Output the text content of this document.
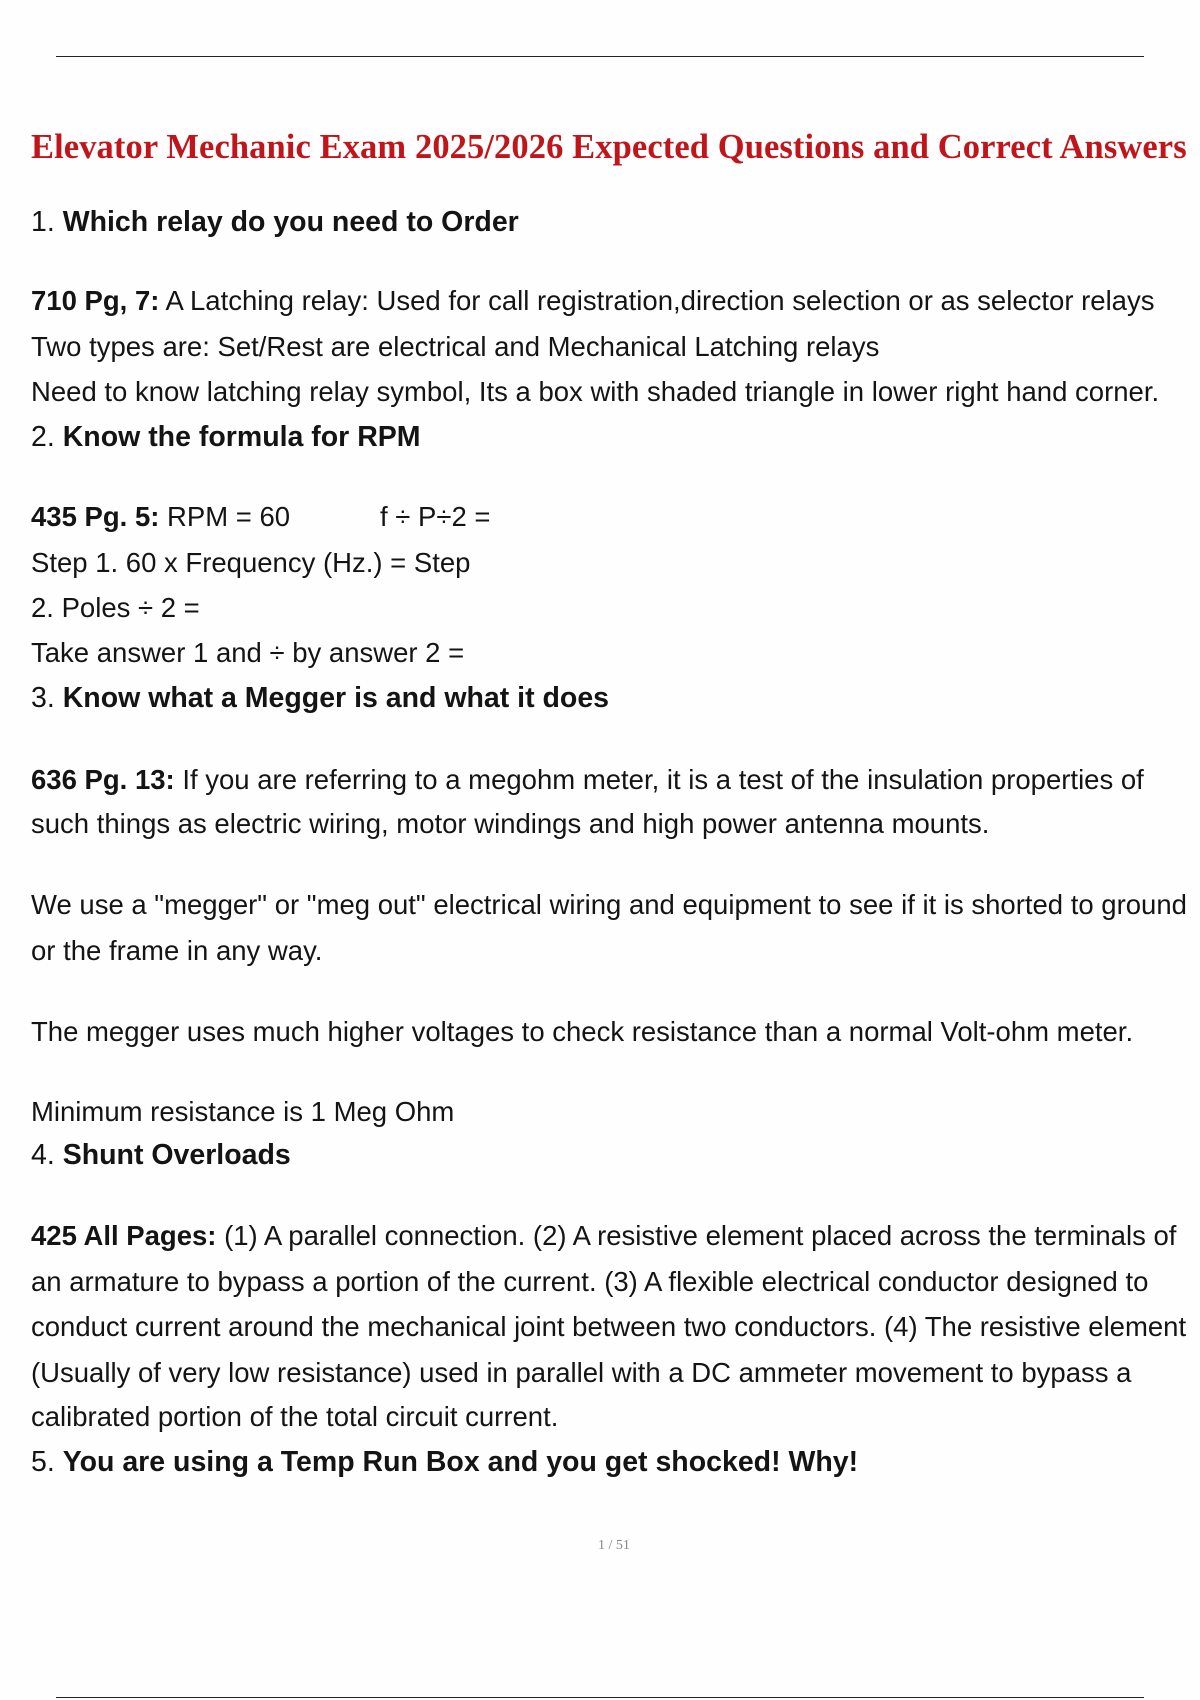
Elevator Mechanic Exam 2025/2026 Expected Questions and Correct Answers
1. Which relay do you need to Order
710 Pg, 7: A Latching relay: Used for call registration,direction selection or as selector relays
Two types are: Set/Rest are electrical and Mechanical Latching relays
Need to know latching relay symbol, Its a box with shaded triangle in lower right hand corner.
2. Know the formula for RPM
435 Pg. 5: RPM = 60	f ÷ P÷2 =
Step 1. 60 x Frequency (Hz.) = Step
2. Poles ÷ 2 =
Take answer 1 and ÷ by answer 2 =
3. Know what a Megger is and what it does
636 Pg. 13: If you are referring to a megohm meter, it is a test of the insulation properties of
such things as electric wiring, motor windings and high power antenna mounts.
We use a "megger" or "meg out" electrical wiring and equipment to see if it is shorted to ground
or the frame in any way.
The megger uses much higher voltages to check resistance than a normal Volt-ohm meter.
Minimum resistance is 1 Meg Ohm
4. Shunt Overloads
425 All Pages: (1) A parallel connection. (2) A resistive element placed across the terminals of
an armature to bypass a portion of the current. (3) A flexible electrical conductor designed to
conduct current around the mechanical joint between two conductors. (4) The resistive element
(Usually of very low resistance) used in parallel with a DC ammeter movement to bypass a
calibrated portion of the total circuit current.
5. You are using a Temp Run Box and you get shocked! Why!
1 / 51
